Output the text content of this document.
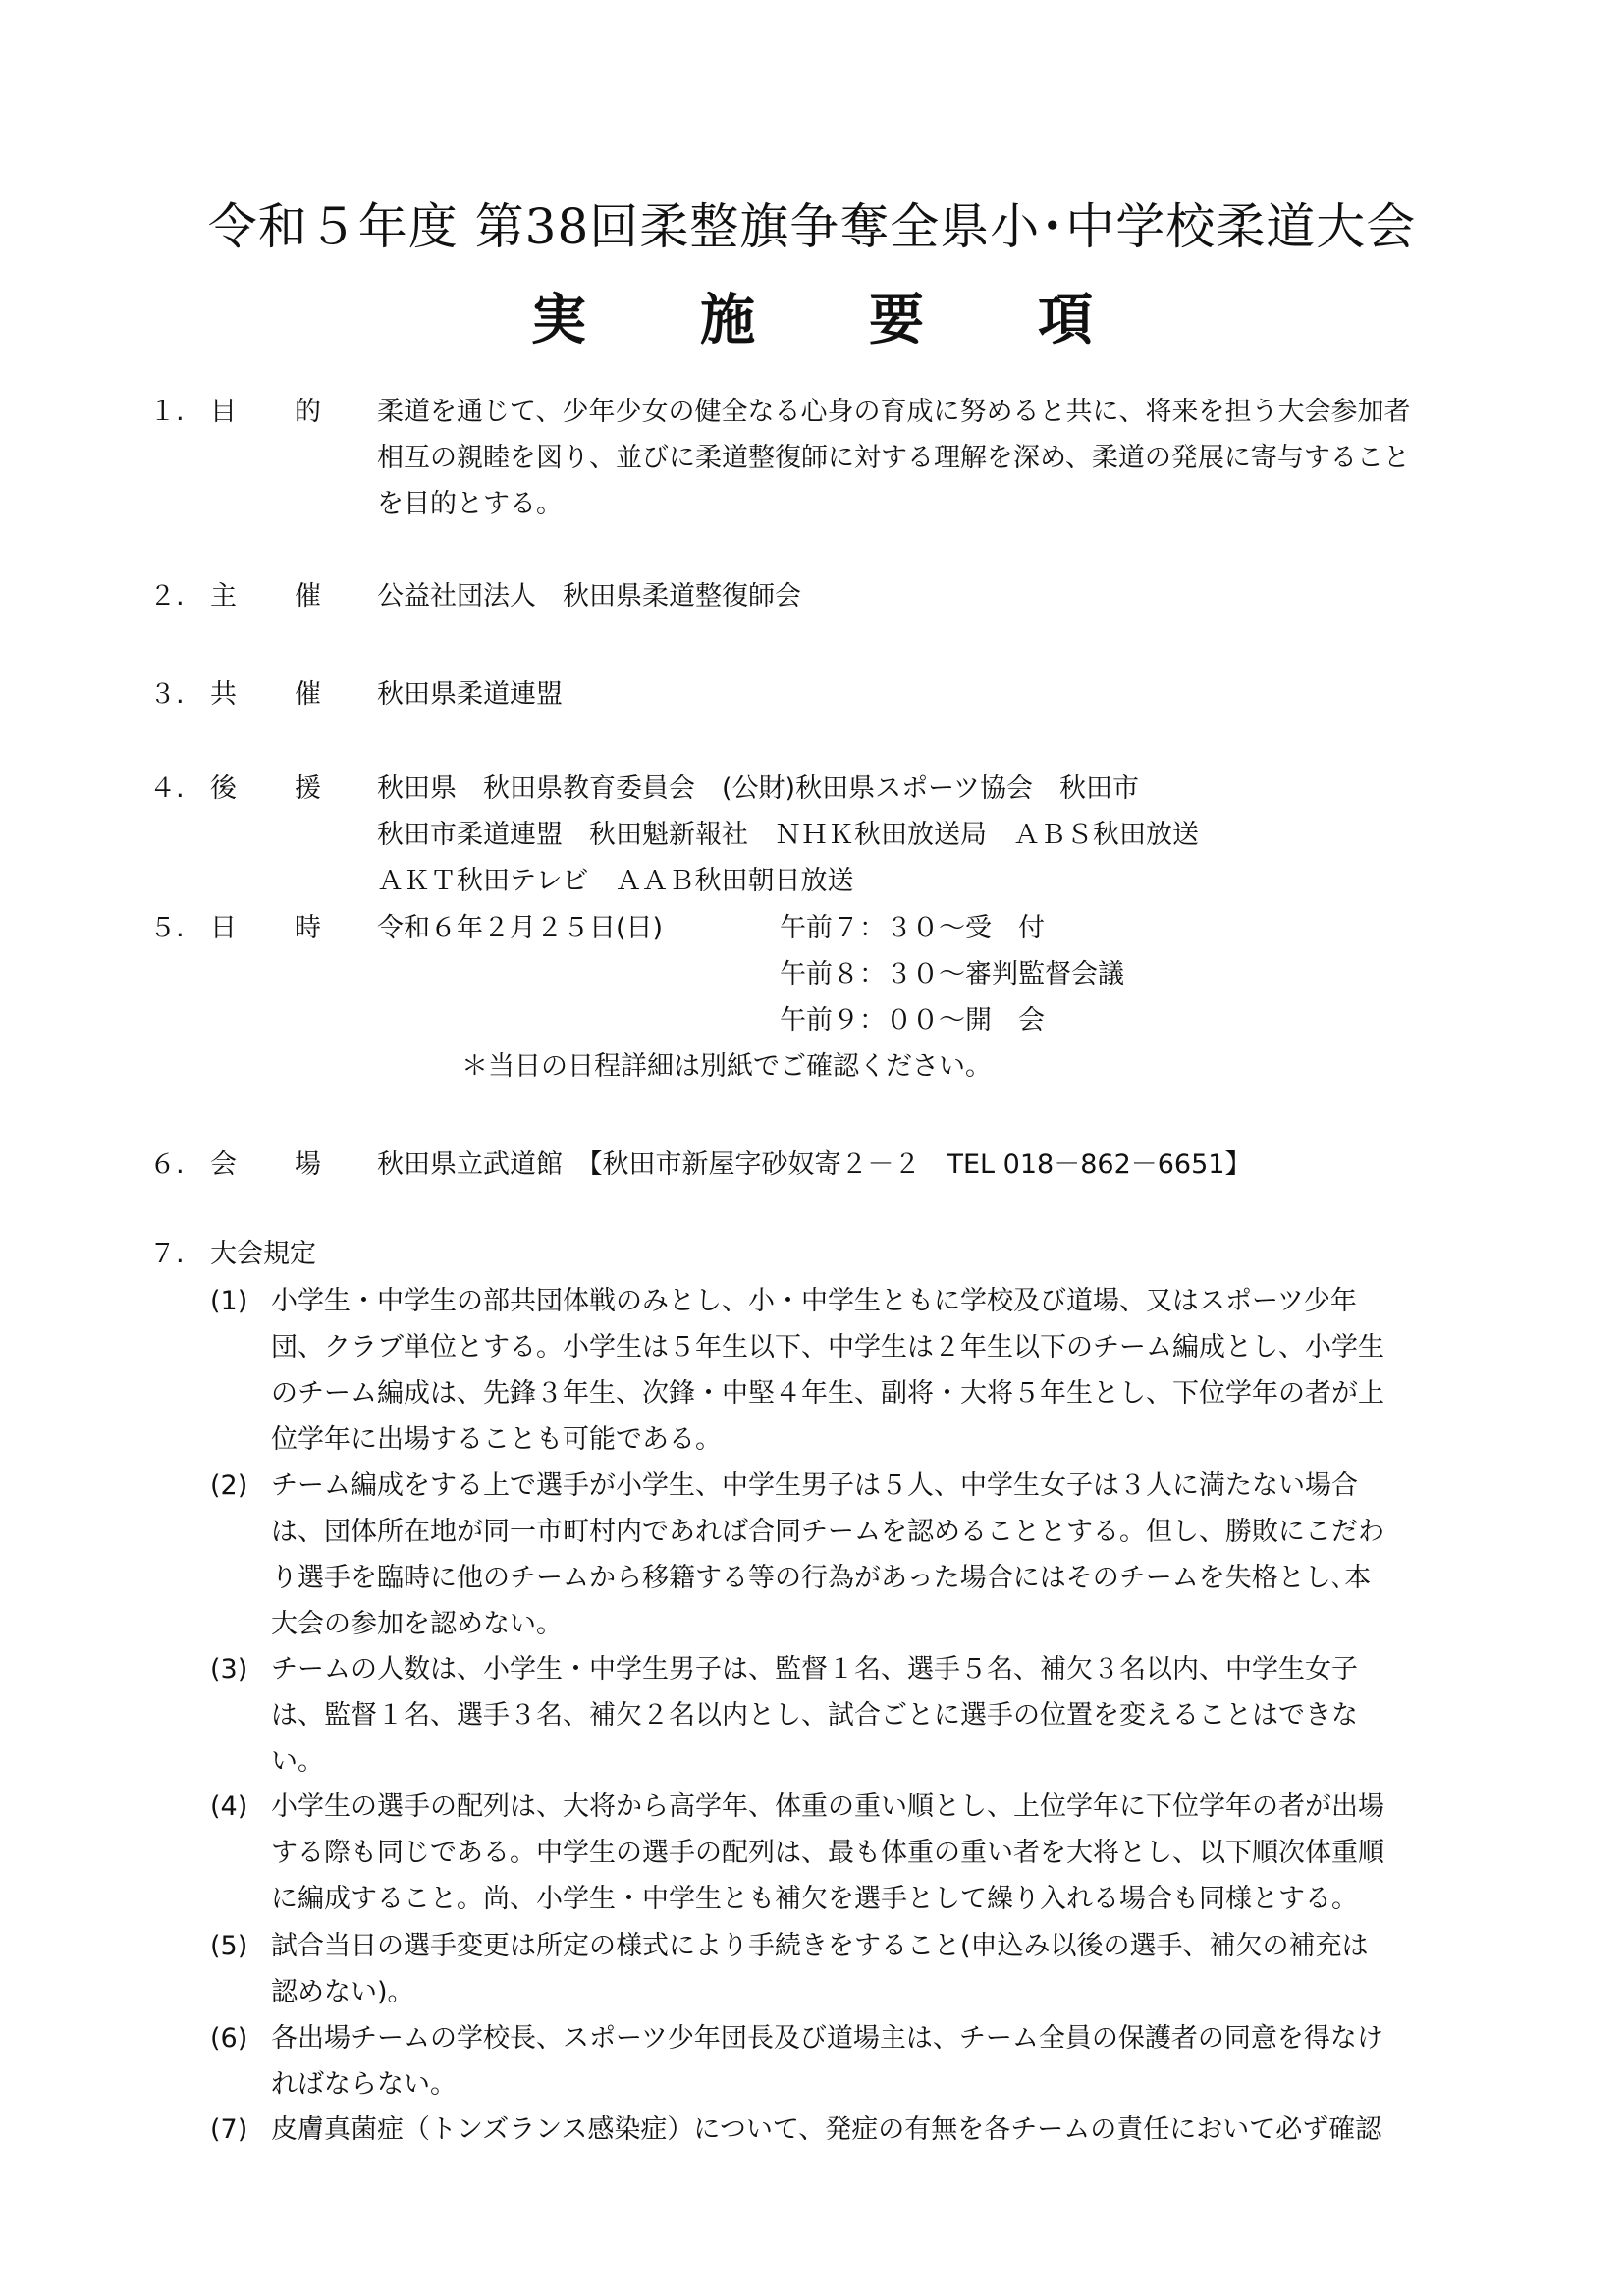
令和５年度 第38回柔整旗争奪全県小･中学校柔道大会
実 施 要 項
１. 目 的 柔道を通じて、少年少女の健全なる心身の育成に努めると共に、将来を担う大会参加者

相互の親睦を図り、並びに柔道整復師に対する理解を深め、柔道の発展に寄与すること

を目的とする。

２. 主 催 公益社団法人　秋田県柔道整復師会

３. 共 催 秋田県柔道連盟

４. 後 援 秋田県　秋田県教育委員会　(公財)秋田県スポーツ協会　秋田市

秋田市柔道連盟　秋田魁新報社　ＮＨＫ秋田放送局　ＡＢＳ秋田放送

ＡＫＴ秋田テレビ　ＡＡＢ秋田朝日放送

５. 日 時 令和６年２月２５日(日)	午前７：３０～受　付

午前８：３０～審判監督会議

午前９：００～開　会

＊当日の日程詳細は別紙でご確認ください。

６. 会 場 秋田県立武道館　【秋田市新屋字砂奴寄２－２　TEL 018－862－6651】

７. 大会規定
(1) 小学生・中学生の部共団体戦のみとし、小・中学生ともに学校及び道場、又はスポーツ少年

団、クラブ単位とする。小学生は５年生以下、中学生は２年生以下のチーム編成とし、小学生

のチーム編成は、先鋒３年生、次鋒・中堅４年生、副将・大将５年生とし、下位学年の者が上

位学年に出場することも可能である。

(2) チーム編成をする上で選手が小学生、中学生男子は５人、中学生女子は３人に満たない場合

は、団体所在地が同一市町村内であれば合同チームを認めることとする。但し、勝敗にこだわ

り選手を臨時に他のチームから移籍する等の行為があった場合にはそのチームを失格とし､本

大会の参加を認めない。

(3) チームの人数は、小学生・中学生男子は、監督１名、選手５名、補欠３名以内、中学生女子

は、監督１名、選手３名、補欠２名以内とし、試合ごとに選手の位置を変えることはできな

い。

(4) 小学生の選手の配列は、大将から高学年、体重の重い順とし、上位学年に下位学年の者が出場

する際も同じである。中学生の選手の配列は、最も体重の重い者を大将とし、以下順次体重順

に編成すること。尚、小学生・中学生とも補欠を選手として繰り入れる場合も同様とする。

(5) 試合当日の選手変更は所定の様式により手続きをすること(申込み以後の選手、補欠の補充は

認めない)。

(6) 各出場チームの学校長、スポーツ少年団長及び道場主は、チーム全員の保護者の同意を得なけ

ればならない。

(7) 皮膚真菌症（トンズランス感染症）について、発症の有無を各チームの責任において必ず確認
